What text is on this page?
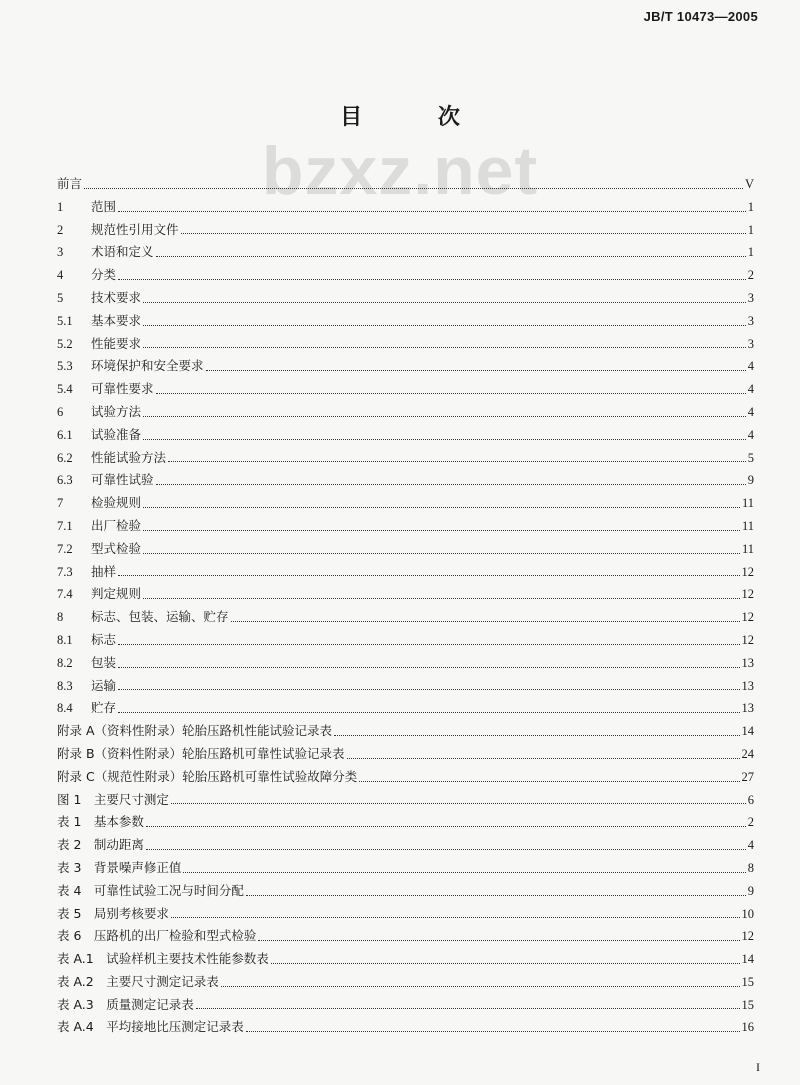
JB/T 10473—2005
目 次
bzxz.net
前言	V
1	范围	1
2	规范性引用文件	1
3	术语和定义	1
4	分类	2
5	技术要求	3
5.1	基本要求	3
5.2	性能要求	3
5.3	环境保护和安全要求	4
5.4	可靠性要求	4
6	试验方法	4
6.1	试验准备	4
6.2	性能试验方法	5
6.3	可靠性试验	9
7	检验规则	11
7.1	出厂检验	11
7.2	型式检验	11
7.3	抽样	12
7.4	判定规则	12
8	标志、包装、运输、贮存	12
8.1	标志	12
8.2	包装	13
8.3	运输	13
8.4	贮存	13
附录 A（资料性附录）轮胎压路机性能试验记录表	14
附录 B（资料性附录）轮胎压路机可靠性试验记录表	24
附录 C（规范性附录）轮胎压路机可靠性试验故障分类	27
图 1　主要尺寸测定	6
表 1　基本参数	2
表 2　制动距离	4
表 3　背景噪声修正值	8
表 4　可靠性试验工况与时间分配	9
表 5　局别考核要求	10
表 6　压路机的出厂检验和型式检验	12
表 A.1　试验样机主要技术性能参数表	14
表 A.2　主要尺寸测定记录表	15
表 A.3　质量测定记录表	15
表 A.4　平均接地比压测定记录表	16
I
